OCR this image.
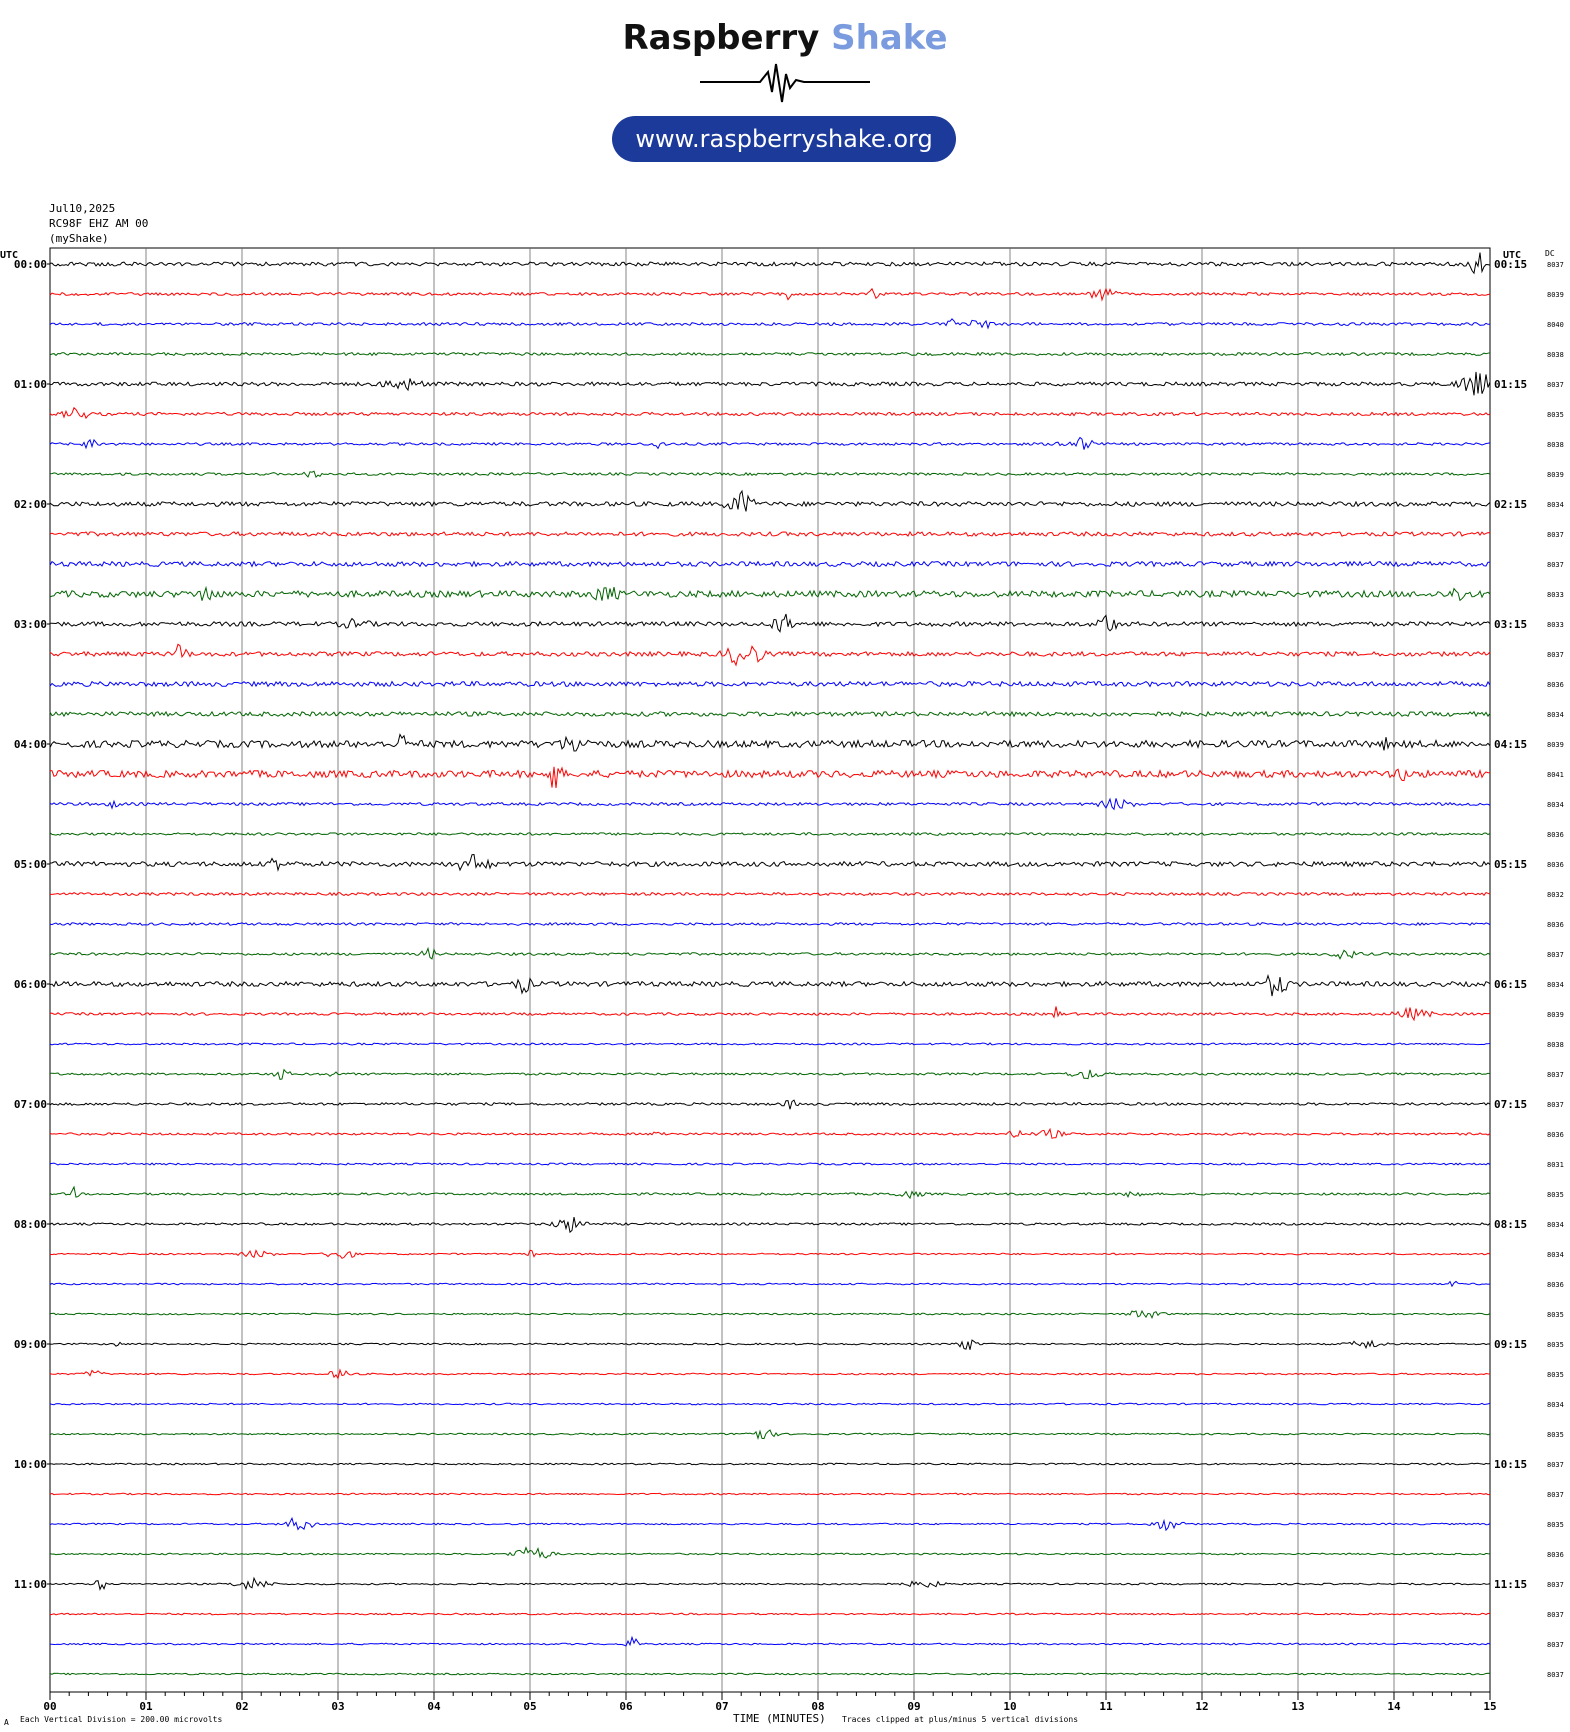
Raspberry Shake
www.raspberryshake.org
Jul10,2025
RC98F EHZ AM 00
(myShake)
00	01	02	03	04	05	06	07	08	09	10	11	12	13	14	15
UTC	UTC	DC
8037
8039
8040
8038
8037
8035
8038
8039
8034
8037
8037
8033
8033
8037
8036
8034
8039
8041
8034
8036
8036
8032
8036
8037
8034
8039
8038
8037
8037
8036
8031
8035
8034
8034
8036
8035
8035
8035
8034
8035
8037
8037
8035
8036
8037
8037
8037
8037
00:00
01:00
02:00
03:00
04:00
05:00
06:00
07:00
08:00
09:00
10:00
11:00
00:15
01:15
02:15
03:15
04:15
05:15
06:15
07:15
08:15
09:15
10:15
11:15
A Each Vertical Division = 200.00 microvolts	TIME (MINUTES) Traces clipped at plus/minus 5 vertical divisions
